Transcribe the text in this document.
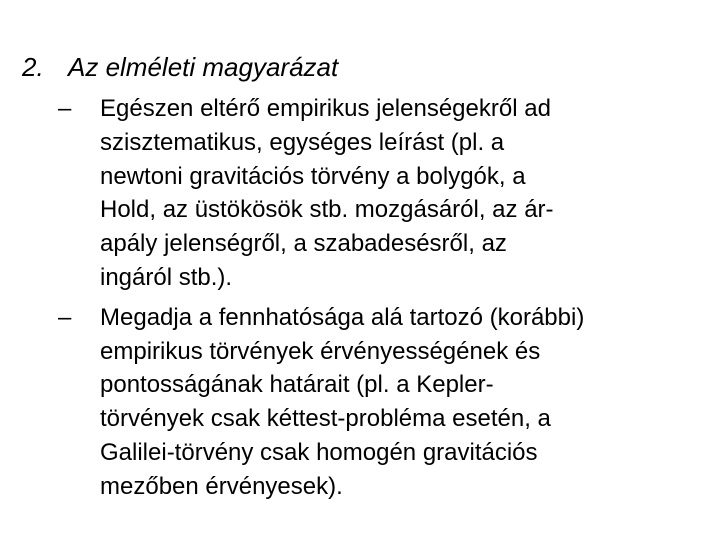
2. Az elméleti magyarázat
– Egészen eltérő empirikus jelenségekről ad
szisztematikus, egységes leírást (pl. a
newtoni gravitációs törvény a bolygók, a
Hold, az üstökösök stb. mozgásáról, az ár-
apály jelenségről, a szabadesésről, az
ingáról stb.).
– Megadja a fennhatósága alá tartozó (korábbi)
empirikus törvények érvényességének és
pontosságának határait (pl. a Kepler-
törvények csak kéttest-probléma esetén, a
Galilei-törvény csak homogén gravitációs
mezőben érvényesek).
